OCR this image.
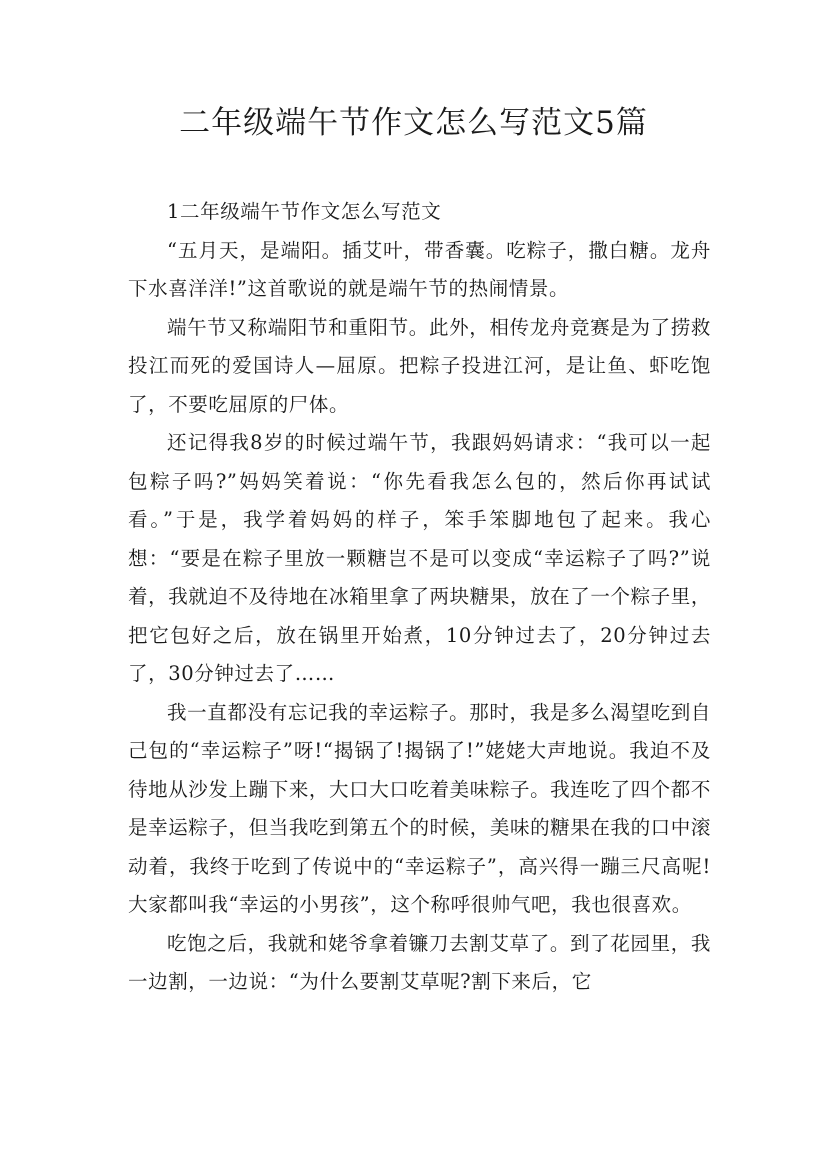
二年级端午节作文怎么写范文5篇

1二年级端午节作文怎么写范文

“五月天，是端阳。插艾叶，带香囊。吃粽子，撒白糖。龙舟下水喜洋洋!”这首歌说的就是端午节的热闹情景。

端午节又称端阳节和重阳节。此外，相传龙舟竞赛是为了捞救投江而死的爱国诗人—屈原。把粽子投进江河，是让鱼、虾吃饱了，不要吃屈原的尸体。

还记得我8岁的时候过端午节，我跟妈妈请求：“我可以一起包粽子吗?”妈妈笑着说：“你先看我怎么包的，然后你再试试看。”于是，我学着妈妈的样子，笨手笨脚地包了起来。我心想：“要是在粽子里放一颗糖岂不是可以变成“幸运粽子了吗?”说着，我就迫不及待地在冰箱里拿了两块糖果，放在了一个粽子里，把它包好之后，放在锅里开始煮，10分钟过去了，20分钟过去了，30分钟过去了……

我一直都没有忘记我的幸运粽子。那时，我是多么渴望吃到自己包的“幸运粽子”呀!“揭锅了!揭锅了!”姥姥大声地说。我迫不及待地从沙发上蹦下来，大口大口吃着美味粽子。我连吃了四个都不是幸运粽子，但当我吃到第五个的时候，美味的糖果在我的口中滚动着，我终于吃到了传说中的“幸运粽子”，高兴得一蹦三尺高呢!大家都叫我“幸运的小男孩”，这个称呼很帅气吧，我也很喜欢。

吃饱之后，我就和姥爷拿着镰刀去割艾草了。到了花园里，我一边割，一边说：“为什么要割艾草呢?割下来后，它
